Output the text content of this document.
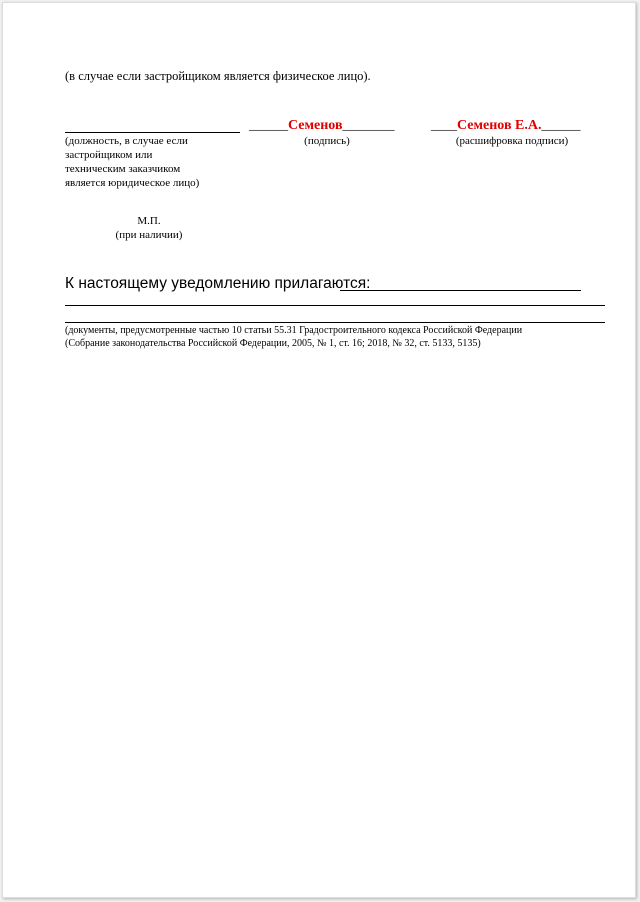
(в случае если застройщиком является физическое лицо).
(должность, в случае если
застройщиком или
техническим заказчиком
является юридическое лицо)
______Семенов________
(подпись)
____Семенов Е.А.______
(расшифровка подписи)
М.П.
(при наличии)
К настоящему уведомлению прилагаются:
(документы, предусмотренные частью 10 статьи 55.31 Градостроительного кодекса Российской Федерации
(Собрание законодательства Российской Федерации, 2005, № 1, ст. 16; 2018, № 32, ст. 5133, 5135)
